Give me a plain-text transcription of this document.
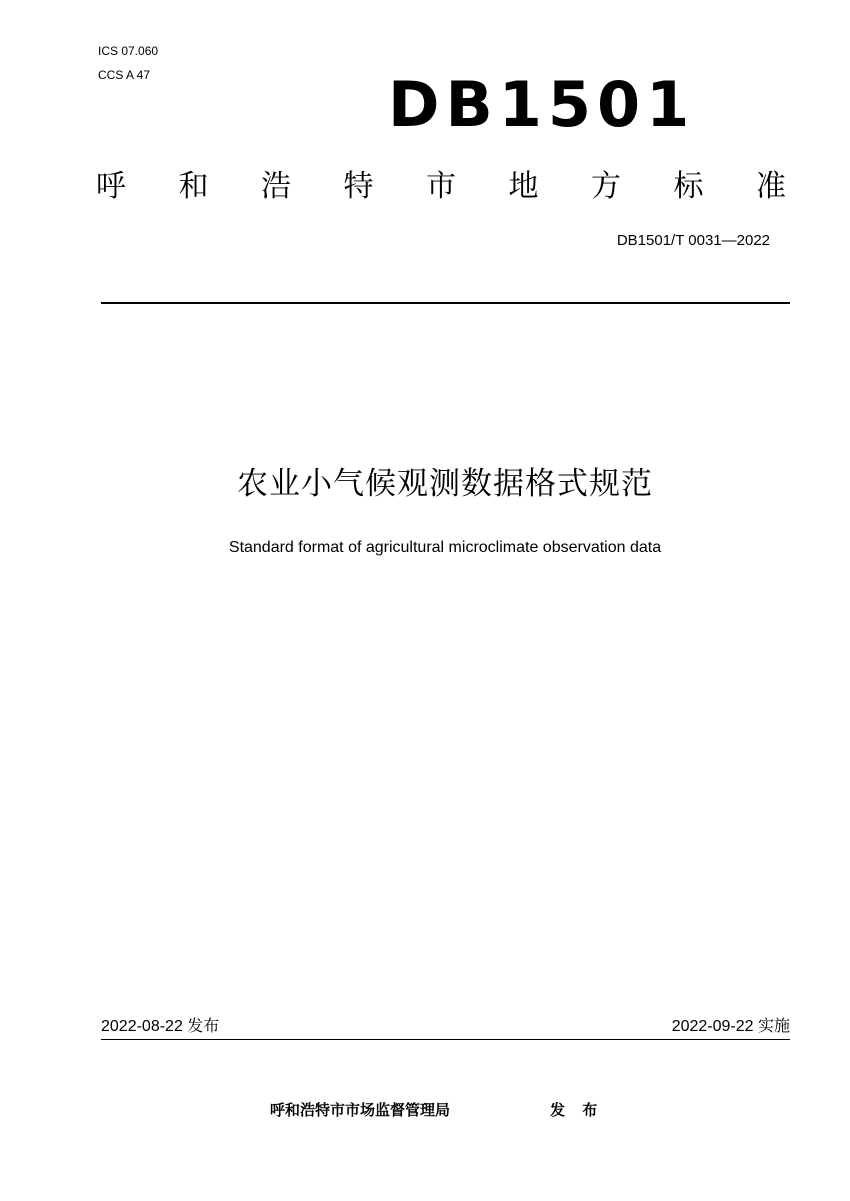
ICS 07.060
CCS A 47	DB1501
呼 和 浩 特 市 地 方 标 准
DB1501/T 0031—2022
农业小气候观测数据格式规范
Standard format of agricultural microclimate observation data
2022-08-22 发布	2022-09-22 实施
呼和浩特市市场监督管理局	发 布
